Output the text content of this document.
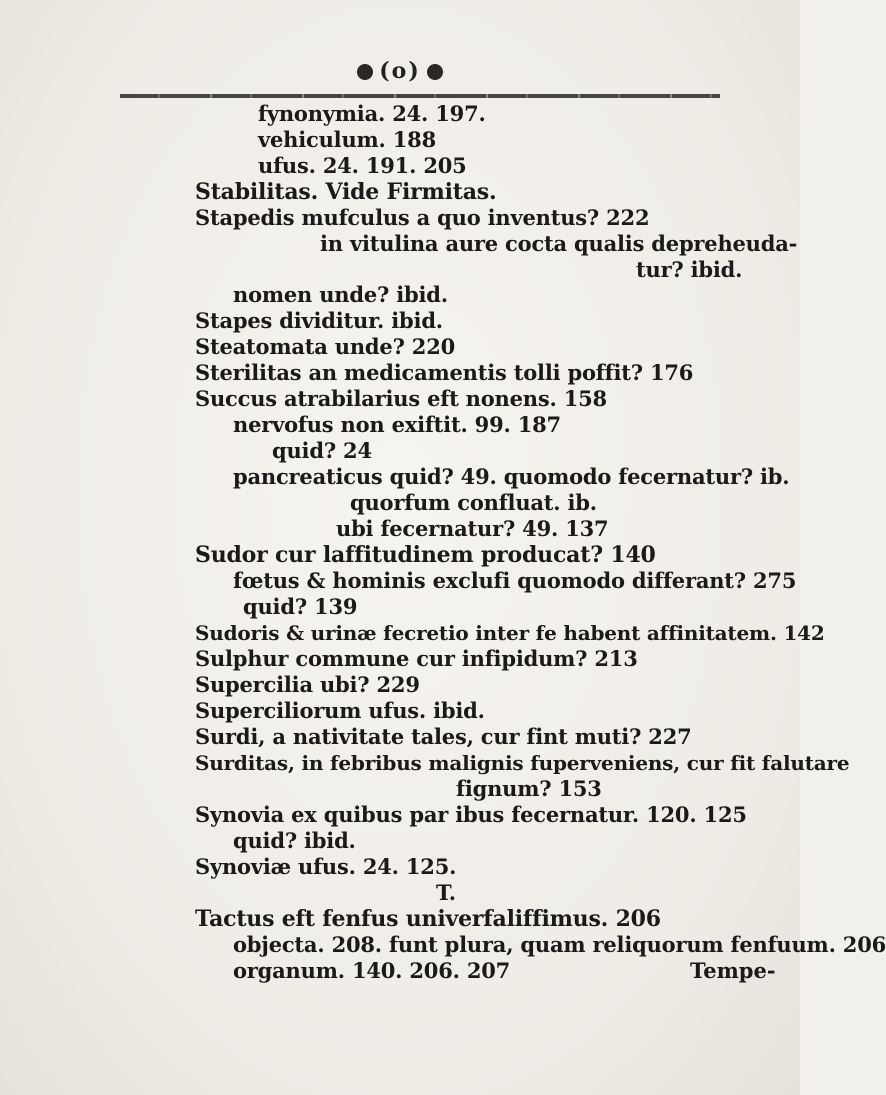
(o)
fynonymia. 24. 197.
vehiculum. 188
ufus. 24. 191. 205
Stabilitas. Vide Firmitas.
Stapedis mufculus a quo inventus? 222
in vitulina aure cocta qualis depreheuda-
tur? ibid.
nomen unde? ibid.
Stapes dividitur. ibid.
Steatomata unde? 220
Sterilitas an medicamentis tolli poffit? 176
Succus atrabilarius eft nonens. 158
nervofus non exiftit. 99. 187
quid? 24
pancreaticus quid? 49. quomodo fecernatur? ib.
quorfum confluat. ib.
ubi fecernatur? 49. 137
Sudor cur laffitudinem producat? 140
fœtus & hominis exclufi quomodo differant? 275
quid? 139
Sudoris & urinæ fecretio inter fe habent affinitatem. 142
Sulphur commune cur infipidum? 213
Supercilia ubi? 229
Superciliorum ufus. ibid.
Surdi, a nativitate tales, cur fint muti? 227
Surditas, in febribus malignis fuperveniens, cur fit falutare
fignum? 153
Synovia ex quibus par ibus fecernatur. 120. 125
quid? ibid.
Synoviæ ufus. 24. 125.
T.
Tactus eft fenfus univerfaliffimus. 206
objecta. 208. funt plura, quam reliquorum fenfuum. 206
organum. 140. 206. 207	Tempe-
